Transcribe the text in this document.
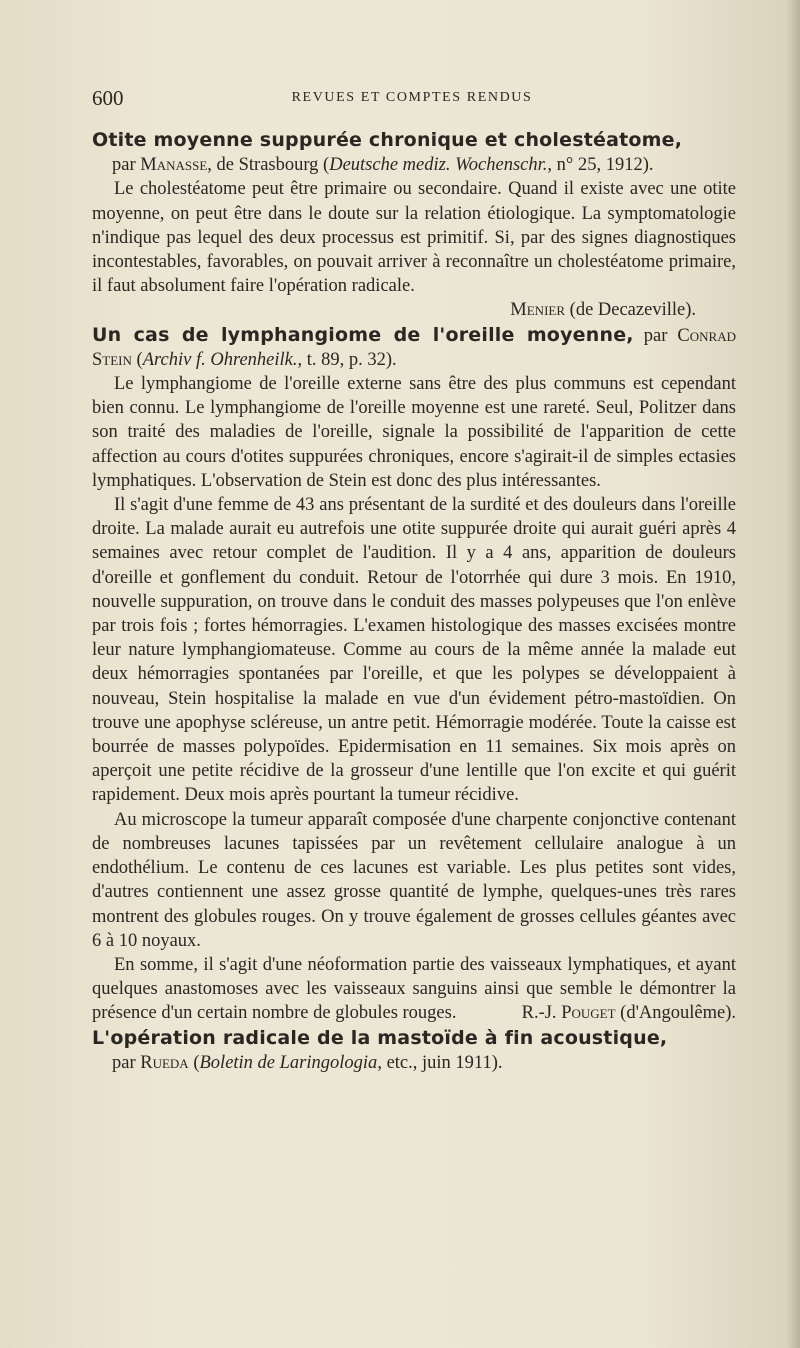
600	REVUES ET COMPTES RENDUS

Otite moyenne suppurée chronique et cholestéatome,
par Manasse, de Strasbourg (Deutsche mediz. Wochenschr., n° 25, 1912).

Le cholestéatome peut être primaire ou secondaire. Quand il existe avec une otite moyenne, on peut être dans le doute sur la relation étiologique. La symptomatologie n'indique pas lequel des deux processus est primitif. Si, par des signes diagnostiques incontestables, favorables, on pouvait arriver à reconnaître un cholestéatome primaire, il faut absolument faire l'opération radicale.

Menier (de Decazeville).

Un cas de lymphangiome de l'oreille moyenne, par Conrad Stein (Archiv f. Ohrenheilk., t. 89, p. 32).

Le lymphangiome de l'oreille externe sans être des plus communs est cependant bien connu. Le lymphangiome de l'oreille moyenne est une rareté. Seul, Politzer dans son traité des maladies de l'oreille, signale la possibilité de l'apparition de cette affection au cours d'otites suppurées chroniques, encore s'agirait-il de simples ectasies lymphatiques. L'observation de Stein est donc des plus intéressantes.

Il s'agit d'une femme de 43 ans présentant de la surdité et des douleurs dans l'oreille droite. La malade aurait eu autrefois une otite suppurée droite qui aurait guéri après 4 semaines avec retour complet de l'audition. Il y a 4 ans, apparition de douleurs d'oreille et gonflement du conduit. Retour de l'otorrhée qui dure 3 mois. En 1910, nouvelle suppuration, on trouve dans le conduit des masses polypeuses que l'on enlève par trois fois ; fortes hémorragies. L'examen histologique des masses excisées montre leur nature lymphangiomateuse. Comme au cours de la même année la malade eut deux hémorragies spontanées par l'oreille, et que les polypes se développaient à nouveau, Stein hospitalise la malade en vue d'un évidement pétro-mastoïdien. On trouve une apophyse scléreuse, un antre petit. Hémorragie modérée. Toute la caisse est bourrée de masses polypoïdes. Epidermisation en 11 semaines. Six mois après on aperçoit une petite récidive de la grosseur d'une lentille que l'on excite et qui guérit rapidement. Deux mois après pourtant la tumeur récidive.

Au microscope la tumeur apparaît composée d'une charpente conjonctive contenant de nombreuses lacunes tapissées par un revêtement cellulaire analogue à un endothélium. Le contenu de ces lacunes est variable. Les plus petites sont vides, d'autres contiennent une assez grosse quantité de lymphe, quelques-unes très rares montrent des globules rouges. On y trouve également de grosses cellules géantes avec 6 à 10 noyaux.

En somme, il s'agit d'une néoformation partie des vaisseaux lymphatiques, et ayant quelques anastomoses avec les vaisseaux sanguins ainsi que semble le démontrer la présence d'un certain nombre de globules rouges.	R.-J. Pouget (d'Angoulême).

L'opération radicale de la mastoïde à fin acoustique,
par Rueda (Boletin de Laringologia, etc., juin 1911).
